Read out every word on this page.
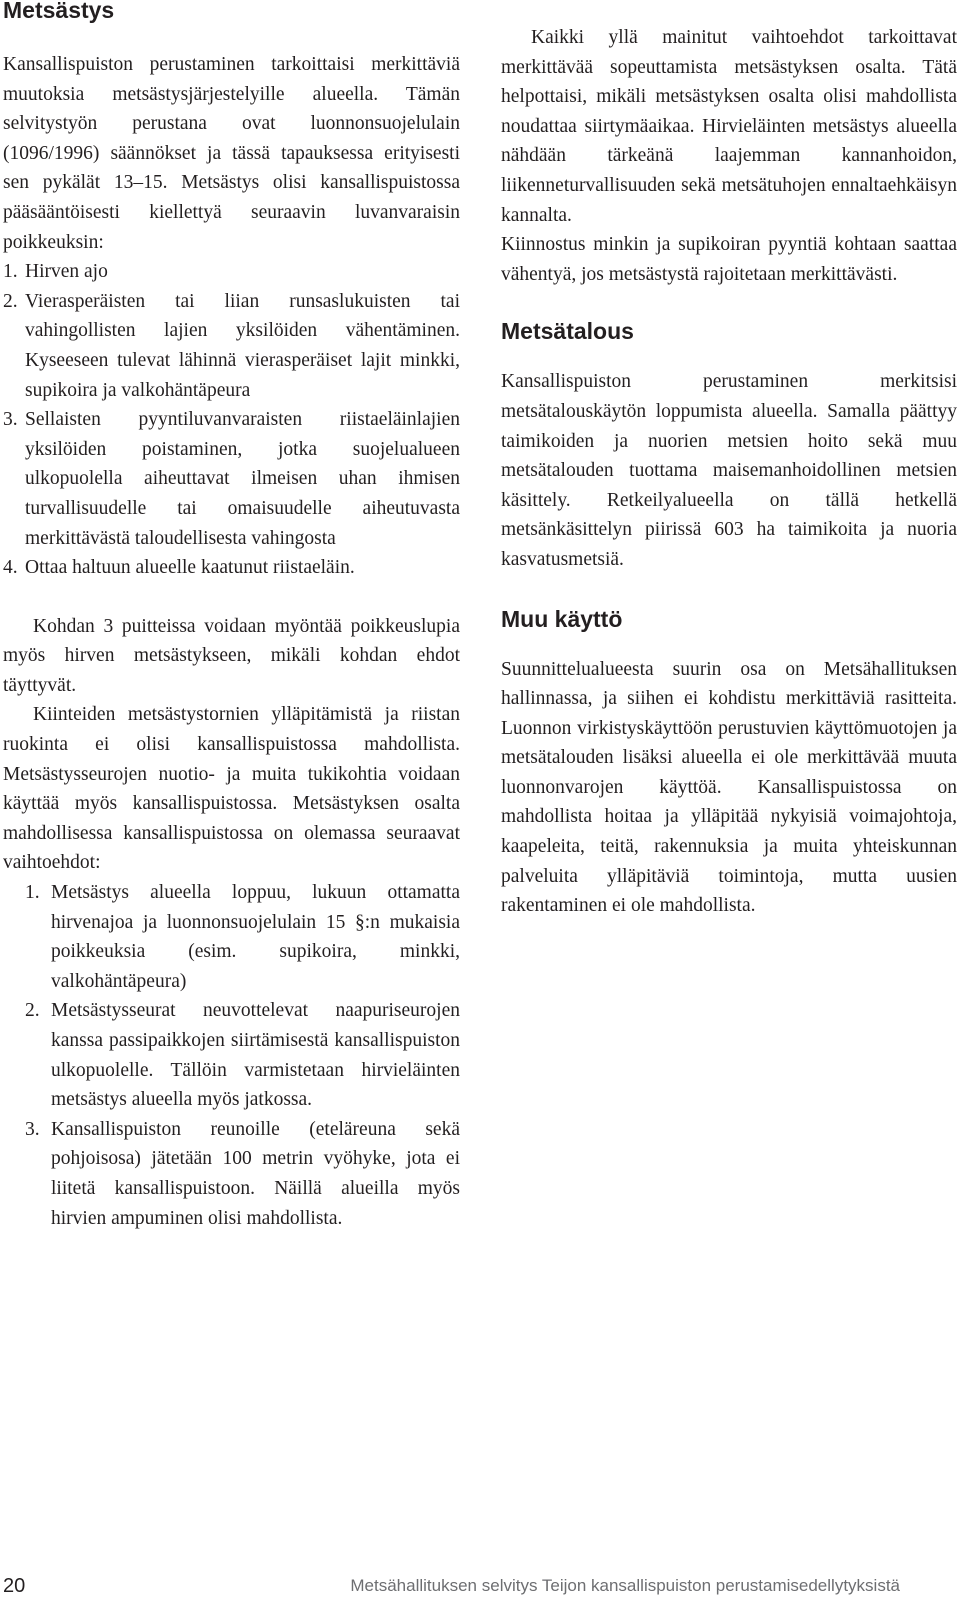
Metsästys

Kansallispuiston perustaminen tarkoittaisi merkittäviä muutoksia metsästysjärjestelyille alueella. Tämän selvitystyön perustana ovat luonnonsuojelulain (1096/1996) säännökset ja tässä tapauksessa erityisesti sen pykälät 13–15. Metsästys olisi kansallispuistossa pääsääntöisesti kiellettyä seuraavin luvanvaraisin poikkeuksin:

1. Hirven ajo
2. Vierasperäisten tai liian runsaslukuisten tai vahingollisten lajien yksilöiden vähentäminen. Kyseeseen tulevat lähinnä vierasperäiset lajit minkki, supikoira ja valkohäntäpeura
3. Sellaisten pyyntiluvanvaraisten riistaeläinlajien yksilöiden poistaminen, jotka suojelualueen ulkopuolella aiheuttavat ilmeisen uhan ihmisen turvallisuudelle tai omaisuudelle aiheutuvasta merkittävästä taloudellisesta vahingosta
4. Ottaa haltuun alueelle kaatunut riistaeläin.

Kohdan 3 puitteissa voidaan myöntää poikkeuslupia myös hirven metsästykseen, mikäli kohdan ehdot täyttyvät.

Kiinteiden metsästystornien ylläpitämistä ja riistan ruokinta ei olisi kansallispuistossa mahdollista. Metsästysseurojen nuotio- ja muita tukikohtia voidaan käyttää myös kansallispuistossa. Metsästyksen osalta mahdollisessa kansallispuistossa on olemassa seuraavat vaihtoehdot:

1. Metsästys alueella loppuu, lukuun ottamatta hirvenajoa ja luonnonsuojelulain 15 §:n mukaisia poikkeuksia (esim. supikoira, minkki, valkohäntäpeura)
2. Metsästysseurat neuvottelevat naapuriseurojen kanssa passipaikkojen siirtämisestä kansallispuiston ulkopuolelle. Tällöin varmistetaan hirvieläinten metsästys alueella myös jatkossa.
3. Kansallispuiston reunoille (eteläreuna sekä pohjoisosa) jätetään 100 metrin vyöhyke, jota ei liitetä kansallispuistoon. Näillä alueilla myös hirvien ampuminen olisi mahdollista.

Kaikki yllä mainitut vaihtoehdot tarkoittavat merkittävää sopeuttamista metsästyksen osalta. Tätä helpottaisi, mikäli metsästyksen osalta olisi mahdollista noudattaa siirtymäaikaa. Hirvieläinten metsästys alueella nähdään tärkeänä laajemman kannanhoidon, liikenneturvallisuuden sekä metsätuhojen ennaltaehkäisyn kannalta.

Kiinnostus minkin ja supikoiran pyyntiä kohtaan saattaa vähentyä, jos metsästystä rajoitetaan merkittävästi.

Metsätalous

Kansallispuiston perustaminen merkitsisi metsätalouskäytön loppumista alueella. Samalla päättyy taimikoiden ja nuorien metsien hoito sekä muu metsätalouden tuottama maisemanhoidollinen metsien käsittely. Retkeilyalueella on tällä hetkellä metsänkäsittelyn piirissä 603 ha taimikoita ja nuoria kasvatusmetsiä.

Muu käyttö

Suunnittelualueesta suurin osa on Metsähallituksen hallinnassa, ja siihen ei kohdistu merkittäviä rasitteita. Luonnon virkistyskäyttöön perustuvien käyttömuotojen ja metsätalouden lisäksi alueella ei ole merkittävää muuta luonnonvarojen käyttöä. Kansallispuistossa on mahdollista hoitaa ja ylläpitää nykyisiä voimajohtoja, kaapeleita, teitä, rakennuksia ja muita yhteiskunnan palveluita ylläpitäviä toimintoja, mutta uusien rakentaminen ei ole mahdollista.

20	Metsähallituksen selvitys Teijon kansallispuiston perustamisedellytyksistä
